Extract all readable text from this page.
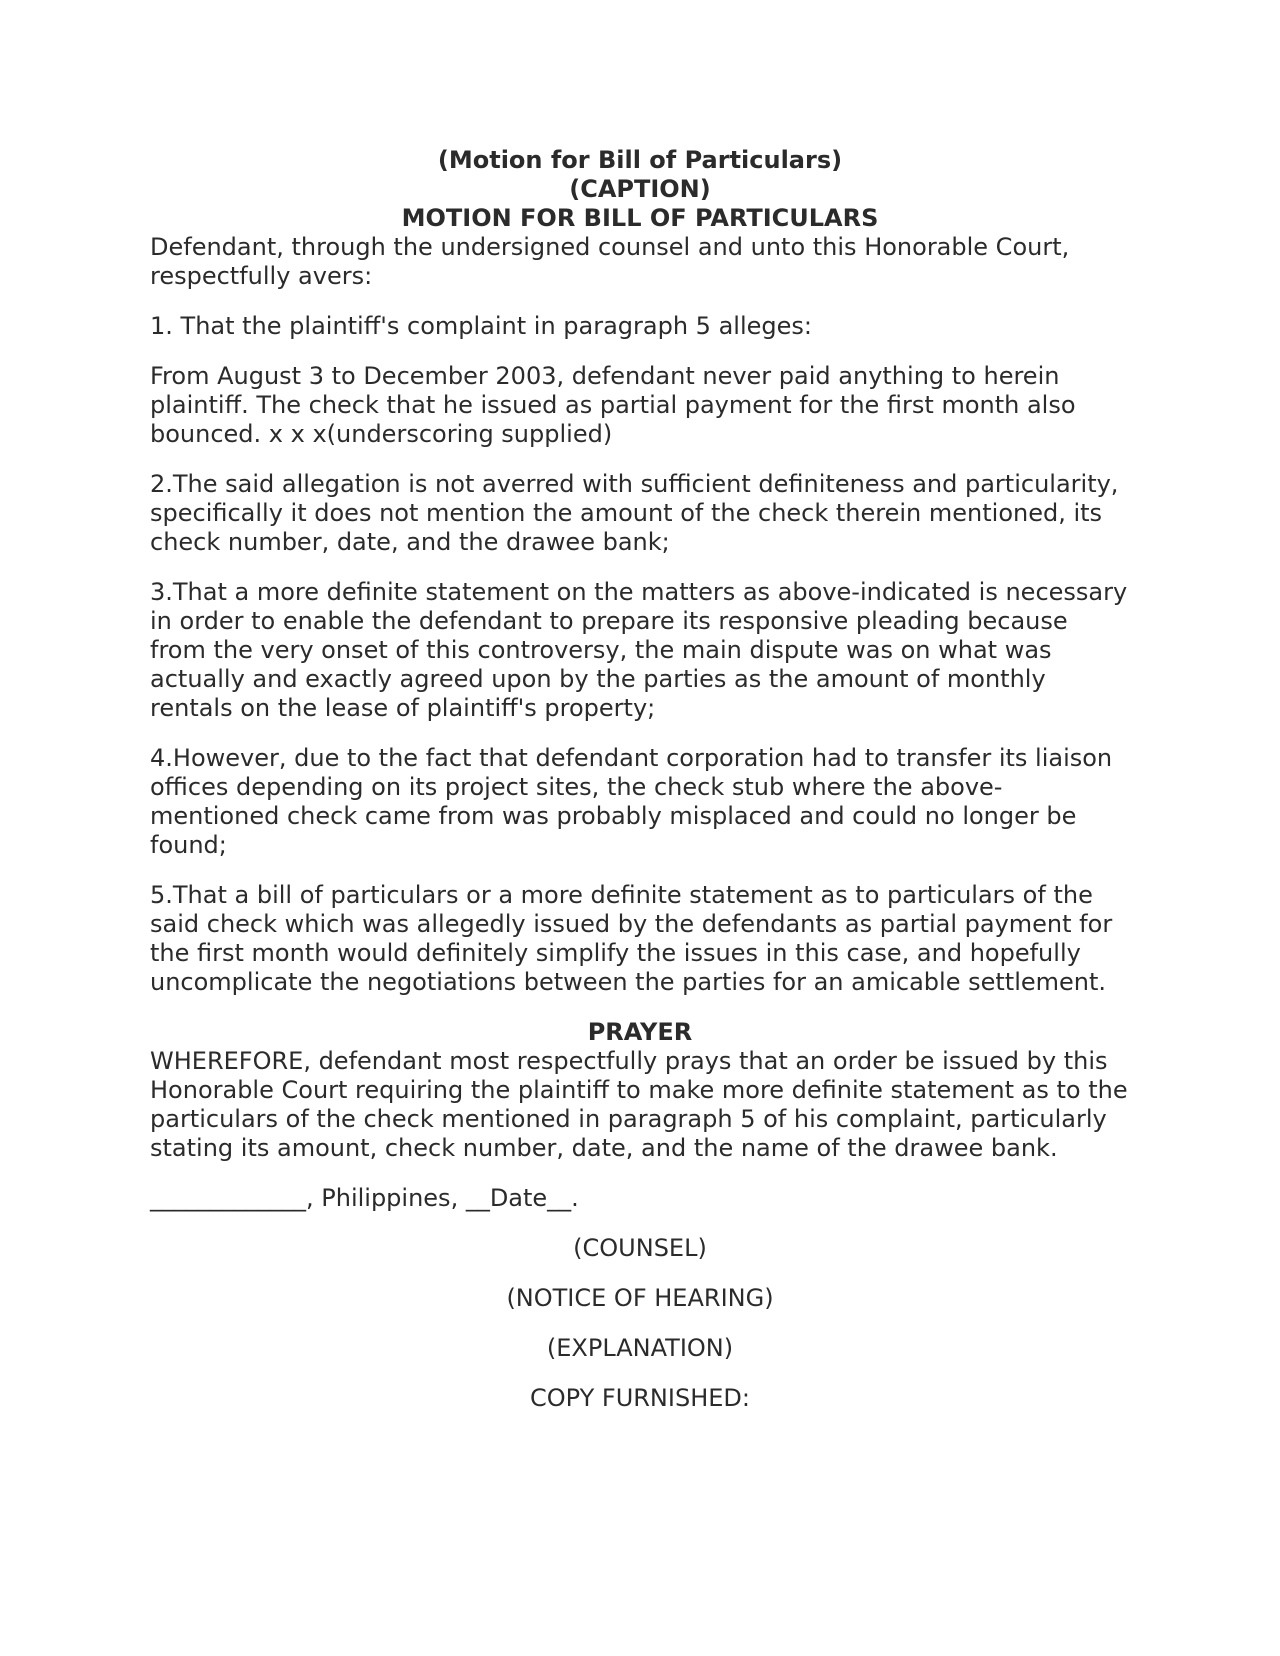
(Motion for Bill of Particulars)
(CAPTION)
MOTION FOR BILL OF PARTICULARS

Defendant, through the undersigned counsel and unto this Honorable Court, respectfully avers:

1. That the plaintiff's complaint in paragraph 5 alleges:

From August 3 to December 2003, defendant never paid anything to herein plaintiff. The check that he issued as partial payment for the first month also bounced. x x x(underscoring supplied)

2.The said allegation is not averred with sufficient definiteness and particularity, specifically it does not mention the amount of the check therein mentioned, its check number, date, and the drawee bank;

3.That a more definite statement on the matters as above-indicated is necessary in order to enable the defendant to prepare its responsive pleading because from the very onset of this controversy, the main dispute was on what was actually and exactly agreed upon by the parties as the amount of monthly rentals on the lease of plaintiff's property;

4.However, due to the fact that defendant corporation had to transfer its liaison offices depending on its project sites, the check stub where the above-mentioned check came from was probably misplaced and could no longer be found;

5.That a bill of particulars or a more definite statement as to particulars of the said check which was allegedly issued by the defendants as partial payment for the first month would definitely simplify the issues in this case, and hopefully uncomplicate the negotiations between the parties for an amicable settlement.

PRAYER

WHEREFORE, defendant most respectfully prays that an order be issued by this Honorable Court requiring the plaintiff to make more definite statement as to the particulars of the check mentioned in paragraph 5 of his complaint, particularly stating its amount, check number, date, and the name of the drawee bank.

_____________, Philippines, __Date__.

(COUNSEL)

(NOTICE OF HEARING)

(EXPLANATION)

COPY FURNISHED:
